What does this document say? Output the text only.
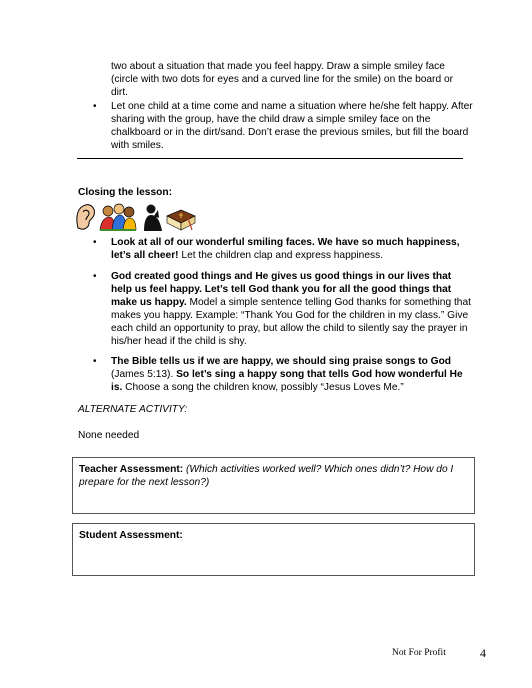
two about a situation that made you feel happy. Draw a simple smiley face (circle with two dots for eyes and a curved line for the smile) on the board or dirt.
• Let one child at a time come and name a situation where he/she felt happy. After sharing with the group, have the child draw a simple smiley face on the chalkboard or in the dirt/sand. Don’t erase the previous smiles, but fill the board with smiles.
Closing the lesson:
• Look at all of our wonderful smiling faces. We have so much happiness, let’s all cheer! Let the children clap and express happiness.
• God created good things and He gives us good things in our lives that help us feel happy. Let’s tell God thank you for all the good things that make us happy. Model a simple sentence telling God thanks for something that makes you happy. Example: “Thank You God for the children in my class.” Give each child an opportunity to pray, but allow the child to silently say the prayer in his/her head if the child is shy.
• The Bible tells us if we are happy, we should sing praise songs to God (James 5:13). So let’s sing a happy song that tells God how wonderful He is. Choose a song the children know, possibly “Jesus Loves Me.”
ALTERNATE ACTIVITY:
None needed
Teacher Assessment: (Which activities worked well? Which ones didn’t? How do I prepare for the next lesson?)
Student Assessment:
Not For Profit	4
